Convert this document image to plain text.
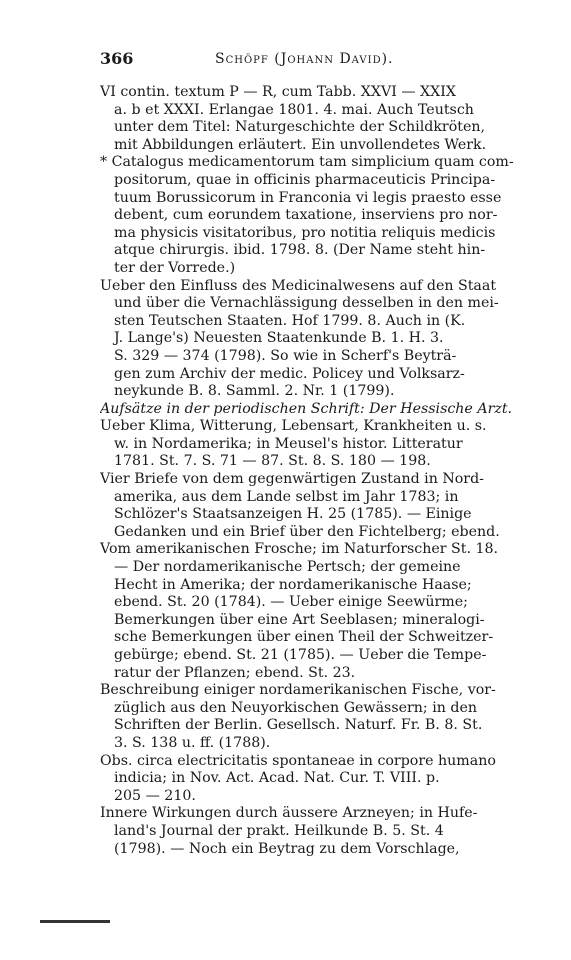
366	Schöpf (Johann David).
VI contin. textum P — R, cum Tabb. XXVI — XXIX
a. b et XXXI. Erlangae 1801. 4. mai. Auch Teutsch
unter dem Titel: Naturgeschichte der Schildkröten,
mit Abbildungen erläutert. Ein unvollendetes Werk.
* Catalogus medicamentorum tam simplicium quam com-
positorum, quae in officinis pharmaceuticis Principa-
tuum Borussicorum in Franconia vi legis praesto esse
debent, cum eorundem taxatione, inserviens pro nor-
ma physicis visitatoribus, pro notitia reliquis medicis
atque chirurgis. ibid. 1798. 8. (Der Name steht hin-
ter der Vorrede.)
Ueber den Einfluss des Medicinalwesens auf den Staat
und über die Vernachlässigung desselben in den mei-
sten Teutschen Staaten. Hof 1799. 8. Auch in (K.
J. Lange's) Neuesten Staatenkunde B. 1. H. 3.
S. 329 — 374 (1798). So wie in Scherf's Beyträ-
gen zum Archiv der medic. Policey und Volksarz-
neykunde B. 8. Samml. 2. Nr. 1 (1799).
Aufsätze in der periodischen Schrift: Der Hessische Arzt.
Ueber Klima, Witterung, Lebensart, Krankheiten u. s.
w. in Nordamerika; in Meusel's histor. Litteratur
1781. St. 7. S. 71 — 87. St. 8. S. 180 — 198.
Vier Briefe von dem gegenwärtigen Zustand in Nord-
amerika, aus dem Lande selbst im Jahr 1783; in
Schlözer's Staatsanzeigen H. 25 (1785). — Einige
Gedanken und ein Brief über den Fichtelberg; ebend.
Vom amerikanischen Frosche; im Naturforscher St. 18.
— Der nordamerikanische Pertsch; der gemeine
Hecht in Amerika; der nordamerikanische Haase;
ebend. St. 20 (1784). — Ueber einige Seewürme;
Bemerkungen über eine Art Seeblasen; mineralogi-
sche Bemerkungen über einen Theil der Schweitzer-
gebürge; ebend. St. 21 (1785). — Ueber die Tempe-
ratur der Pflanzen; ebend. St. 23.
Beschreibung einiger nordamerikanischen Fische, vor-
züglich aus den Neuyorkischen Gewässern; in den
Schriften der Berlin. Gesellsch. Naturf. Fr. B. 8. St.
3. S. 138 u. ff. (1788).
Obs. circa electricitatis spontaneae in corpore humano
indicia; in Nov. Act. Acad. Nat. Cur. T. VIII. p.
205 — 210.
Innere Wirkungen durch äussere Arzneyen; in Hufe-
land's Journal der prakt. Heilkunde B. 5. St. 4
(1798). — Noch ein Beytrag zu dem Vorschlage,
